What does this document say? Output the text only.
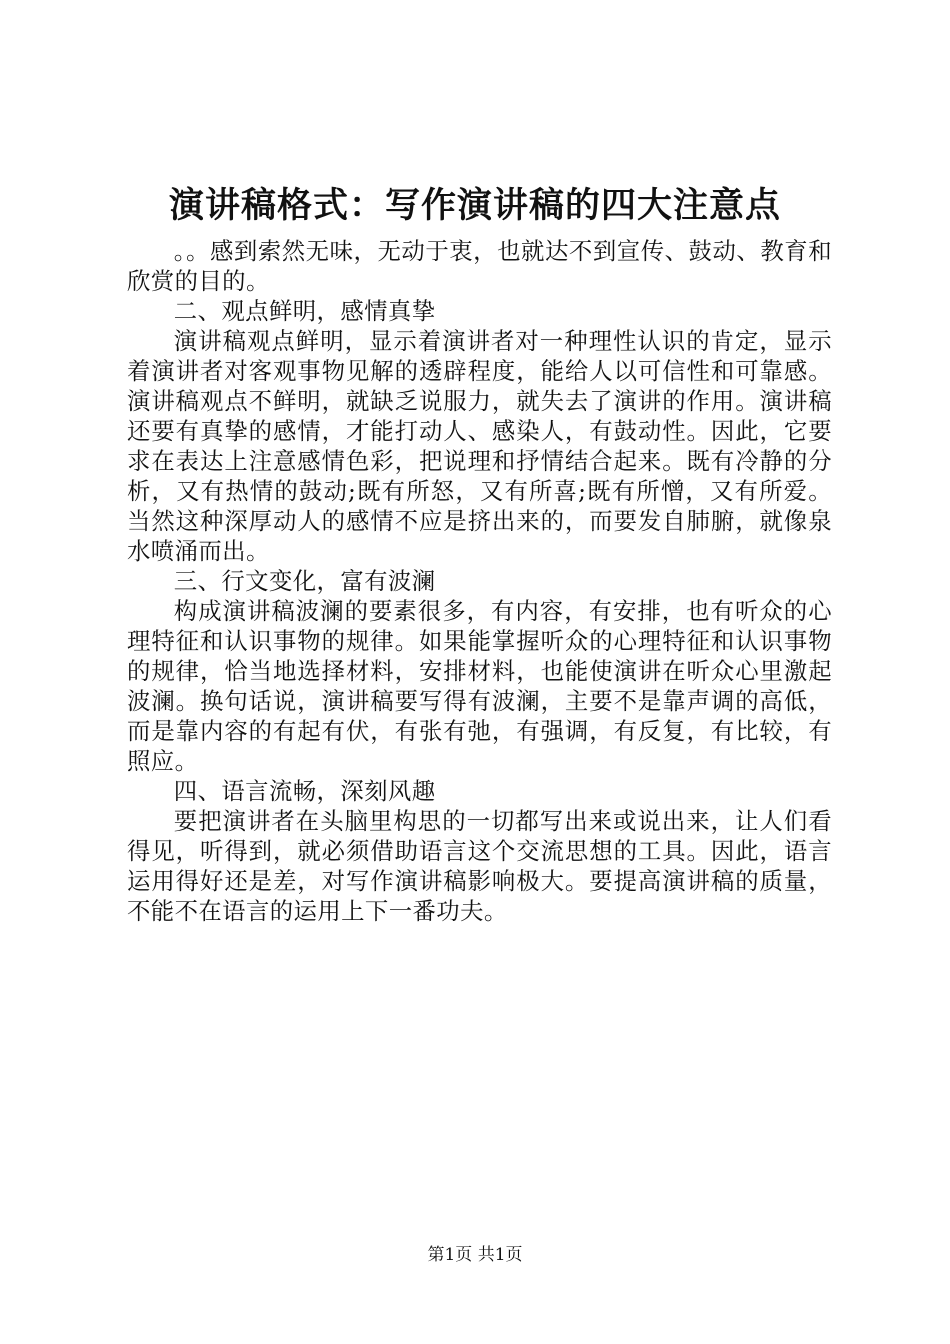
演讲稿格式：写作演讲稿的四大注意点

。。感到索然无味，无动于衷，也就达不到宣传、鼓动、教育和欣赏的目的。

二、观点鲜明，感情真挚

演讲稿观点鲜明，显示着演讲者对一种理性认识的肯定，显示着演讲者对客观事物见解的透辟程度，能给人以可信性和可靠感。演讲稿观点不鲜明，就缺乏说服力，就失去了演讲的作用。演讲稿还要有真挚的感情，才能打动人、感染人，有鼓动性。因此，它要求在表达上注意感情色彩，把说理和抒情结合起来。既有冷静的分析，又有热情的鼓动;既有所怒，又有所喜;既有所憎，又有所爱。当然这种深厚动人的感情不应是挤出来的，而要发自肺腑，就像泉水喷涌而出。

三、行文变化，富有波澜

构成演讲稿波澜的要素很多，有内容，有安排，也有听众的心理特征和认识事物的规律。如果能掌握听众的心理特征和认识事物的规律，恰当地选择材料，安排材料，也能使演讲在听众心里激起波澜。换句话说，演讲稿要写得有波澜，主要不是靠声调的高低，而是靠内容的有起有伏，有张有弛，有强调，有反复，有比较，有照应。

四、语言流畅，深刻风趣

要把演讲者在头脑里构思的一切都写出来或说出来，让人们看得见，听得到，就必须借助语言这个交流思想的工具。因此，语言运用得好还是差，对写作演讲稿影响极大。要提高演讲稿的质量，不能不在语言的运用上下一番功夫。

第1页 共1页
